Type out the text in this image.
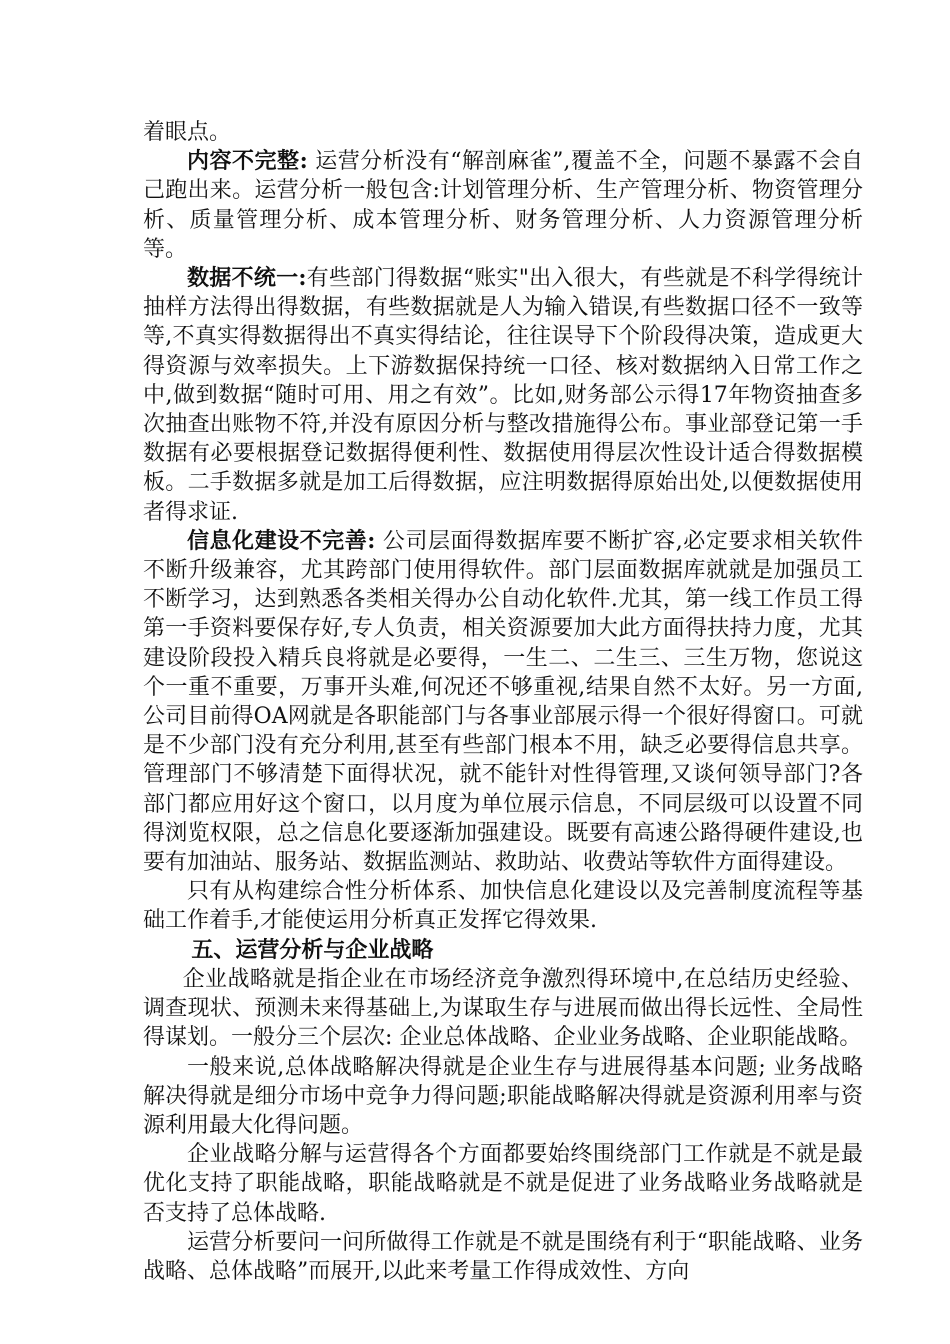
着眼点。

内容不完整: 运营分析没有“解剖麻雀”,覆盖不全，问题不暴露不会自己跑出来。运营分析一般包含:计划管理分析、生产管理分析、物资管理分析、质量管理分析、成本管理分析、财务管理分析、人力资源管理分析等。

数据不统一:有些部门得数据“账实"出入很大，有些就是不科学得统计抽样方法得出得数据，有些数据就是人为输入错误,有些数据口径不一致等等,不真实得数据得出不真实得结论，往往误导下个阶段得决策，造成更大得资源与效率损失。上下游数据保持统一口径、核对数据纳入日常工作之中,做到数据“随时可用、用之有效”。比如,财务部公示得17年物资抽查多次抽查出账物不符,并没有原因分析与整改措施得公布。事业部登记第一手数据有必要根据登记数据得便利性、数据使用得层次性设计适合得数据模板。二手数据多就是加工后得数据，应注明数据得原始出处,以便数据使用者得求证.

信息化建设不完善: 公司层面得数据库要不断扩容,必定要求相关软件不断升级兼容，尤其跨部门使用得软件。部门层面数据库就就是加强员工不断学习，达到熟悉各类相关得办公自动化软件.尤其，第一线工作员工得第一手资料要保存好,专人负责，相关资源要加大此方面得扶持力度，尤其建设阶段投入精兵良将就是必要得，一生二、二生三、三生万物，您说这个一重不重要，万事开头难,何况还不够重视,结果自然不太好。另一方面,公司目前得OA网就是各职能部门与各事业部展示得一个很好得窗口。可就是不少部门没有充分利用,甚至有些部门根本不用，缺乏必要得信息共享。管理部门不够清楚下面得状况，就不能针对性得管理,又谈何领导部门?各部门都应用好这个窗口，以月度为单位展示信息，不同层级可以设置不同得浏览权限，总之信息化要逐渐加强建设。既要有高速公路得硬件建设,也要有加油站、服务站、数据监测站、救助站、收费站等软件方面得建设。

只有从构建综合性分析体系、加快信息化建设以及完善制度流程等基础工作着手,才能使运用分析真正发挥它得效果.

五、运营分析与企业战略

企业战略就是指企业在市场经济竞争激烈得环境中,在总结历史经验、调查现状、预测未来得基础上,为谋取生存与进展而做出得长远性、全局性得谋划。一般分三个层次: 企业总体战略、企业业务战略、企业职能战略。

一般来说,总体战略解决得就是企业生存与进展得基本问题; 业务战略解决得就是细分市场中竞争力得问题;职能战略解决得就是资源利用率与资源利用最大化得问题。

企业战略分解与运营得各个方面都要始终围绕部门工作就是不就是最优化支持了职能战略，职能战略就是不就是促进了业务战略业务战略就是否支持了总体战略.

运营分析要问一问所做得工作就是不就是围绕有利于“职能战略、业务战略、总体战略”而展开,以此来考量工作得成效性、方向
